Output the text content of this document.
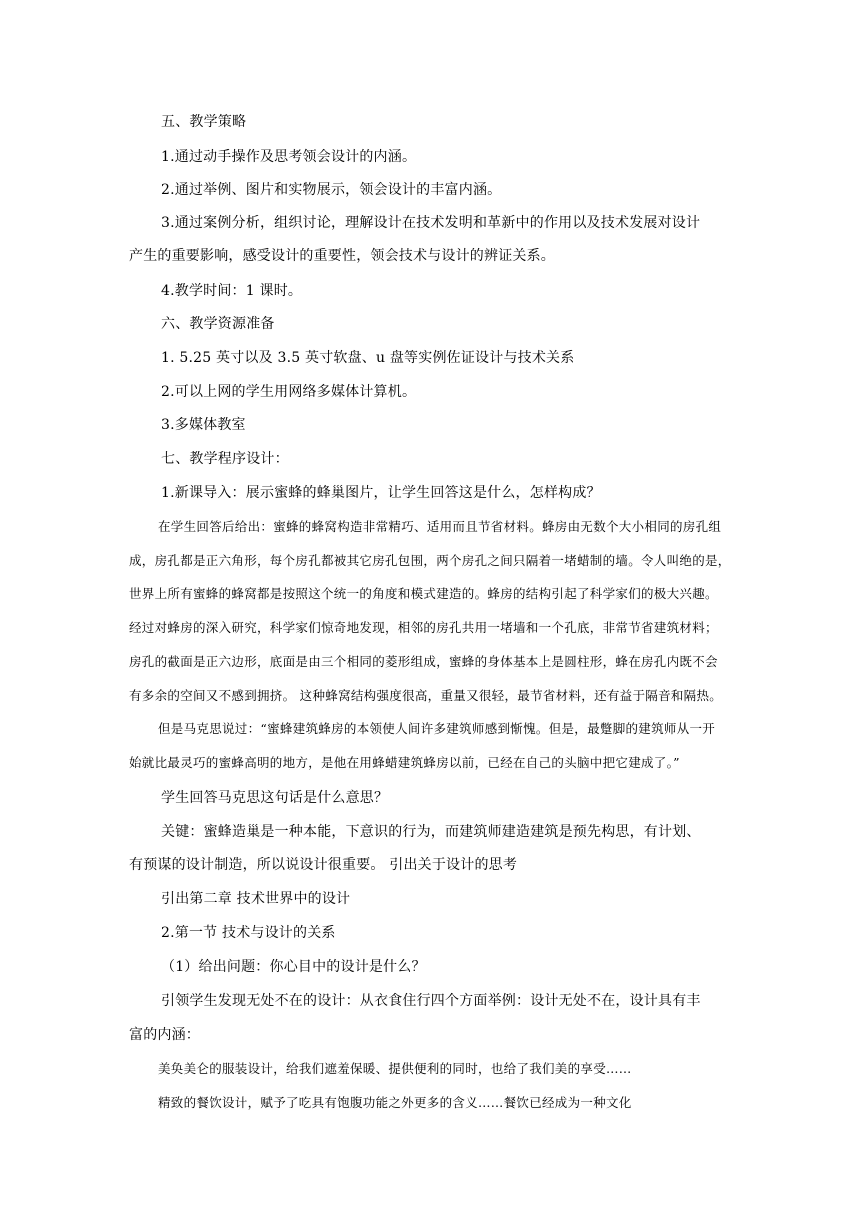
五、教学策略
1.通过动手操作及思考领会设计的内涵。
2.通过举例、图片和实物展示，领会设计的丰富内涵。
3.通过案例分析，组织讨论，理解设计在技术发明和革新中的作用以及技术发展对设计
产生的重要影响，感受设计的重要性，领会技术与设计的辨证关系。
4.教学时间：1 课时。
六、教学资源准备
1. 5.25 英寸以及 3.5 英寸软盘、u 盘等实例佐证设计与技术关系
2.可以上网的学生用网络多媒体计算机。
3.多媒体教室
七、教学程序设计：
1.新课导入：展示蜜蜂的蜂巢图片，让学生回答这是什么，怎样构成？
在学生回答后给出：蜜蜂的蜂窝构造非常精巧、适用而且节省材料。蜂房由无数个大小相同的房孔组
成，房孔都是正六角形，每个房孔都被其它房孔包围，两个房孔之间只隔着一堵蜡制的墙。令人叫绝的是，
世界上所有蜜蜂的蜂窝都是按照这个统一的角度和模式建造的。蜂房的结构引起了科学家们的极大兴趣。
经过对蜂房的深入研究，科学家们惊奇地发现，相邻的房孔共用一堵墙和一个孔底，非常节省建筑材料；
房孔的截面是正六边形，底面是由三个相同的菱形组成，蜜蜂的身体基本上是圆柱形，蜂在房孔内既不会
有多余的空间又不感到拥挤。 这种蜂窝结构强度很高，重量又很轻，最节省材料，还有益于隔音和隔热。
但是马克思说过：“蜜蜂建筑蜂房的本领使人间许多建筑师感到惭愧。但是，最蹩脚的建筑师从一开
始就比最灵巧的蜜蜂高明的地方，是他在用蜂蜡建筑蜂房以前，已经在自己的头脑中把它建成了。”
学生回答马克思这句话是什么意思？
关键：蜜蜂造巢是一种本能，下意识的行为，而建筑师建造建筑是预先构思，有计划、
有预谋的设计制造，所以说设计很重要。 引出关于设计的思考
引出第二章 技术世界中的设计
2.第一节 技术与设计的关系
（1）给出问题：你心目中的设计是什么？
引领学生发现无处不在的设计：从衣食住行四个方面举例：设计无处不在，设计具有丰
富的内涵：
美奂美仑的服装设计，给我们遮羞保暖、提供便利的同时，也给了我们美的享受……
精致的餐饮设计，赋予了吃具有饱腹功能之外更多的含义……餐饮已经成为一种文化
